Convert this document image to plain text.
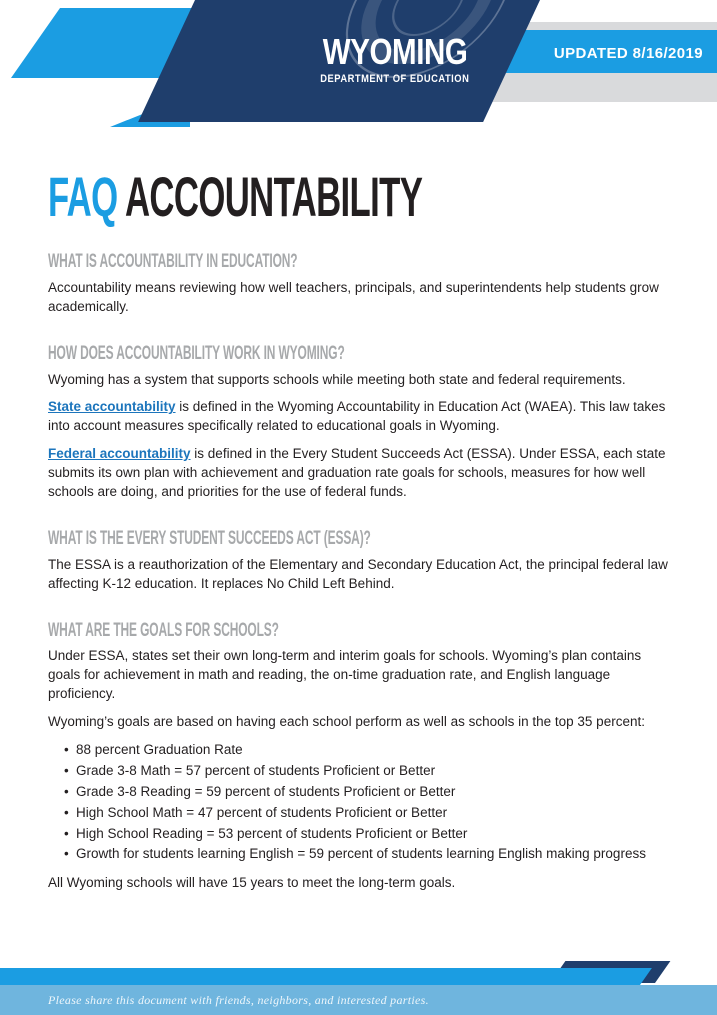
WYOMING
DEPARTMENT OF EDUCATION
UPDATED 8/16/2019
FAQ ACCOUNTABILITY
WHAT IS ACCOUNTABILITY IN EDUCATION?

Accountability means reviewing how well teachers, principals, and superintendents help students grow academically.

HOW DOES ACCOUNTABILITY WORK IN WYOMING?

Wyoming has a system that supports schools while meeting both state and federal requirements.

State accountability is defined in the Wyoming Accountability in Education Act (WAEA). This law takes into account measures specifically related to educational goals in Wyoming.

Federal accountability is defined in the Every Student Succeeds Act (ESSA). Under ESSA, each state submits its own plan with achievement and graduation rate goals for schools, measures for how well schools are doing, and priorities for the use of federal funds.

WHAT IS THE EVERY STUDENT SUCCEEDS ACT (ESSA)?

The ESSA is a reauthorization of the Elementary and Secondary Education Act, the principal federal law affecting K-12 education. It replaces No Child Left Behind.

WHAT ARE THE GOALS FOR SCHOOLS?

Under ESSA, states set their own long-term and interim goals for schools. Wyoming’s plan contains goals for achievement in math and reading, the on-time graduation rate, and English language proficiency.

Wyoming’s goals are based on having each school perform as well as schools in the top 35 percent:

• 88 percent Graduation Rate
• Grade 3-8 Math = 57 percent of students Proficient or Better
• Grade 3-8 Reading = 59 percent of students Proficient or Better
• High School Math = 47 percent of students Proficient or Better
• High School Reading = 53 percent of students Proficient or Better
• Growth for students learning English = 59 percent of students learning English making progress

All Wyoming schools will have 15 years to meet the long-term goals.

Please share this document with friends, neighbors, and interested parties.
